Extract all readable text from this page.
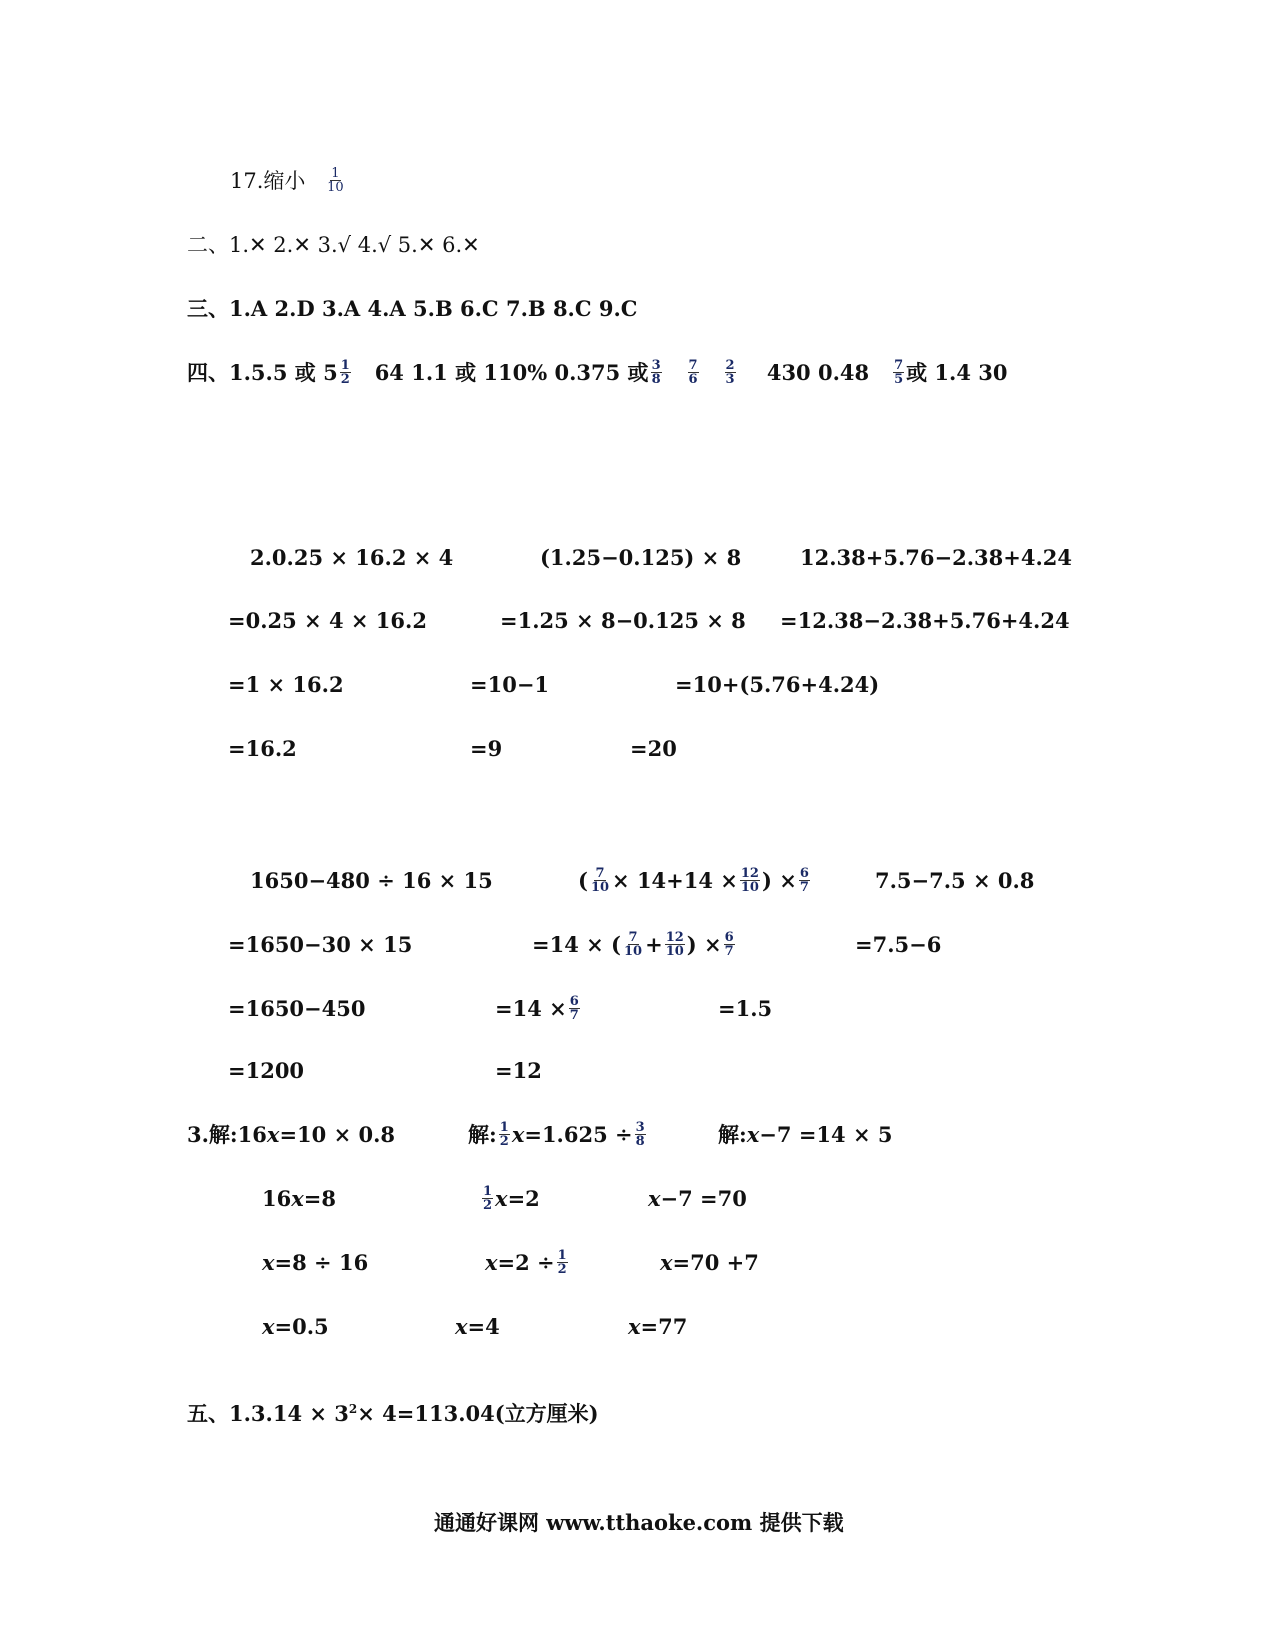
17.缩小 $\frac{1}{10}$
二、1.✕ 2.✕ 3.√ 4.√ 5.✕ 6.✕
三、1.A 2.D 3.A 4.A 5.B 6.C 7.B 8.C 9.C
四、1.5.5 或 $5 \frac{1}{2} 64$ 1.1 或 110% 0.375 或 $\frac{3}{8}$
$\frac{7}{6}$
$\frac{2}{3} 430$ $0.48 \frac{7}{5}$ 或 1.4 30
2.0.25 × 16.2 × 4
=0.25 × 4 × 16.2
=1 × 16.2
=16.2
(1.25−0.125) × 8
=1.25 × 8−0.125 × 8
=10−1
=9
12.38+5.76−2.38+4.24
=12.38−2.38+5.76+4.24
=10+(5.76+4.24)
=20
1650−480 ÷ 16 × 15
=1650−30 × 15
=1650−450
=1200
( $\frac{7}{10} \times 14+14 \times \frac{12}{10}$ ) × $\frac{6}{7}$
=14 × ( $\frac{7}{10} + \frac{12}{10}$ ) × $\frac{6}{7}$
$=14 \times \frac{6}{7}$
=12
7.5−7.5 × 0.8
=7.5−6
=1.5
3.解:16x=10 × 0.8
16x=8
x=8 ÷ 16
x=0.5
解: $\frac{1}{2} x=1.625 \div \frac{3}{8}$
$\frac{1}{2} x=2$
$x=2 \div \frac{1}{2}$
x=4
解:x−7 =14 × 5
x−7 =70
x=70 +7
x=77
五、$1.3.14 \times 3^2\times 4=113.04$(立方厘米)
通通好课网 www.tthaoke.com 提供下载
